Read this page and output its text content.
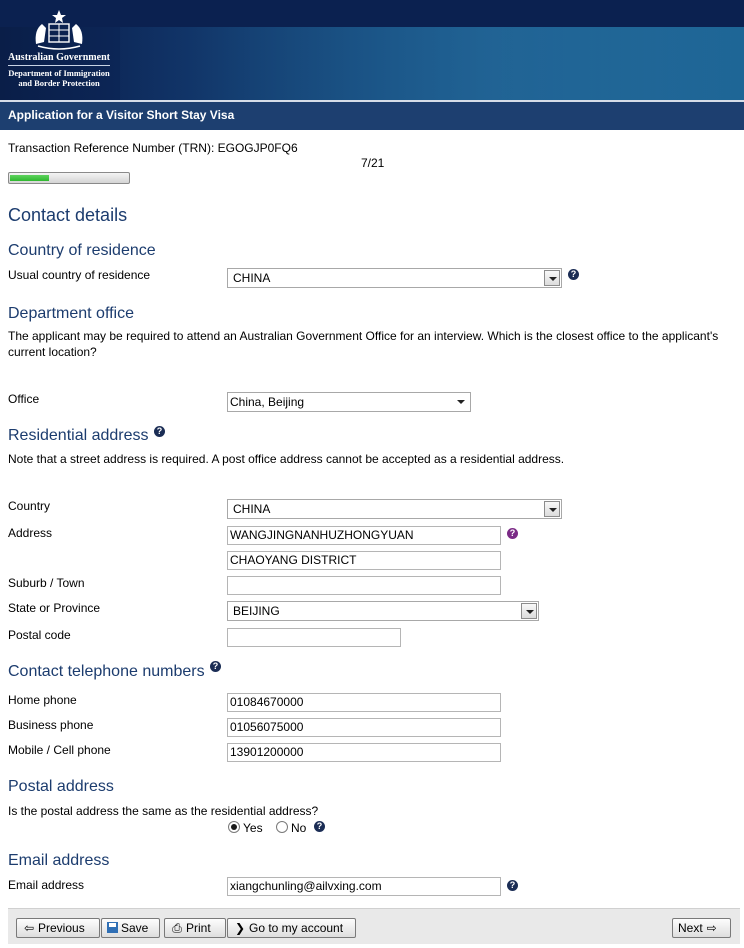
Australian Government
Department of Immigration
and Border Protection
Application for a Visitor Short Stay Visa
Transaction Reference Number (TRN): EGOGJP0FQ6
7/21
Contact details
Country of residence
Usual country of residence	CHINA	?
Department office
The applicant may be required to attend an Australian Government Office for an interview. Which is the closest office to the applicant's current location?
Office	China, Beijing
Residential address ?
Note that a street address is required. A post office address cannot be accepted as a residential address.
Country	CHINA
Address	WANGJINGNANHUZHONGYUAN	?
CHAOYANG DISTRICT
Suburb / Town
State or Province	BEIJING
Postal code
Contact telephone numbers ?
Home phone	01084670000
Business phone	01056075000
Mobile / Cell phone	13901200000
Postal address
Is the postal address the same as the residential address?
Yes No	?
Email address
Email address	xiangchunling@ailvxing.com	?
⇦ Previous	Save	⎙ Print	❯ Go to my account	Next ⇨
